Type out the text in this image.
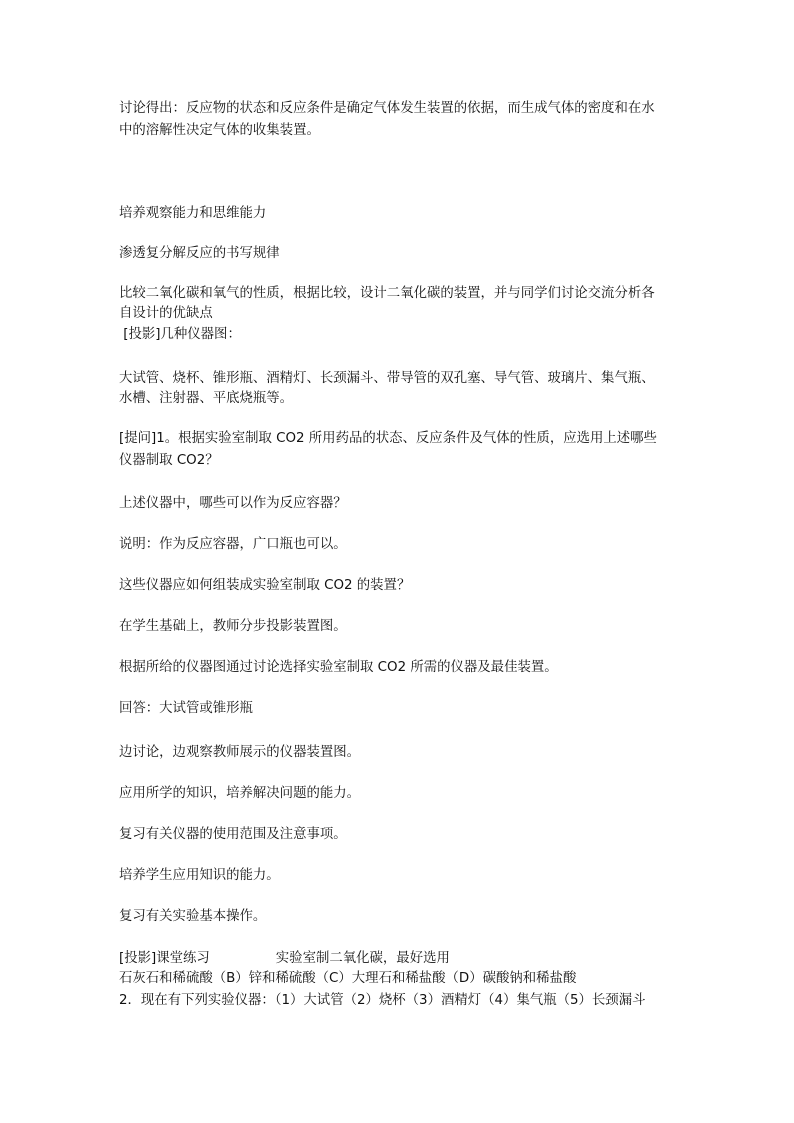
讨论得出：反应物的状态和反应条件是确定气体发生装置的依据，而生成气体的密度和在水
中的溶解性决定气体的收集装置。
培养观察能力和思维能力
渗透复分解反应的书写规律
比较二氧化碳和氧气的性质，根据比较，设计二氧化碳的装置，并与同学们讨论交流分析各
自设计的优缺点
[投影]几种仪器图：
大试管、烧杯、锥形瓶、酒精灯、长颈漏斗、带导管的双孔塞、导气管、玻璃片、集气瓶、
水槽、注射器、平底烧瓶等。
[提问]1。根据实验室制取 CO2 所用药品的状态、反应条件及气体的性质，应选用上述哪些
仪器制取 CO2？
上述仪器中，哪些可以作为反应容器？
说明：作为反应容器，广口瓶也可以。
这些仪器应如何组装成实验室制取 CO2 的装置？
在学生基础上，教师分步投影装置图。
根据所给的仪器图通过讨论选择实验室制取 CO2 所需的仪器及最佳装置。
回答：大试管或锥形瓶
边讨论，边观察教师展示的仪器装置图。
应用所学的知识，培养解决问题的能力。
复习有关仪器的使用范围及注意事项。
培养学生应用知识的能力。
复习有关实验基本操作。
[投影]课堂练习	实验室制二氧化碳，最好选用
石灰石和稀硫酸（B）锌和稀硫酸（C）大理石和稀盐酸（D）碳酸钠和稀盐酸
2．现在有下列实验仪器：（1）大试管（2）烧杯（3）酒精灯（4）集气瓶（5）长颈漏斗
